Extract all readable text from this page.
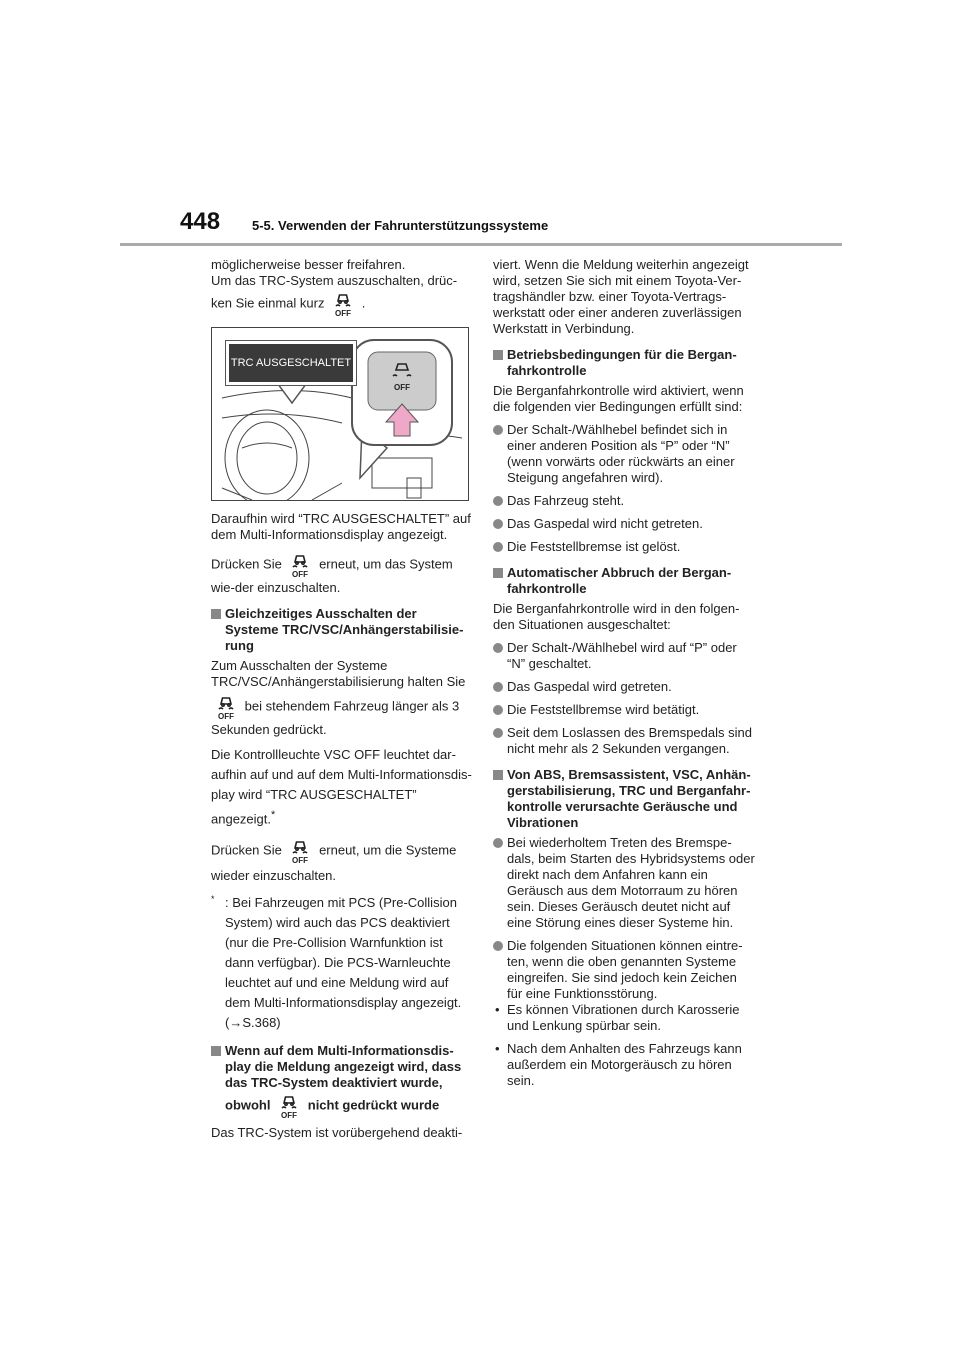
448 5-5. Verwenden der Fahrunterstützungssysteme

möglicherweise besser freifahren.
Um das TRC-System auszuschalten, drüc-
ken Sie einmal kurz
OFF
.

OFF
TRC AUSGESCHALTET

Daraufhin wird “TRC AUSGESCHALTET” auf dem Multi-Informationsdisplay angezeigt.

Drücken Sie
OFF
erneut, um das System wie-der einzuschalten.

Gleichzeitiges Ausschalten der Systeme TRC/VSC/Anhängerstabilisie-rung

Zum Ausschalten der Systeme TRC/VSC/Anhängerstabilisierung halten Sie

OFF
bei stehendem Fahrzeug länger als 3 Sekunden gedrückt.

Die Kontrollleuchte VSC OFF leuchtet dar-aufhin auf und auf dem Multi-Informationsdis-play wird “TRC AUSGESCHALTET” angezeigt.*

Drücken Sie
OFF
erneut, um die Systeme wieder einzuschalten.

* : Bei Fahrzeugen mit PCS (Pre-Collision System) wird auch das PCS deaktiviert (nur die Pre-Collision Warnfunktion ist dann verfügbar). Die PCS-Warnleuchte leuchtet auf und eine Meldung wird auf dem Multi-Informationsdisplay angezeigt. (→S.368)

Wenn auf dem Multi-Informationsdis-play die Meldung angezeigt wird, dass das TRC-System deaktiviert wurde,
obwohl
OFF
nicht gedrückt wurde

Das TRC-System ist vorübergehend deakti-

viert. Wenn die Meldung weiterhin angezeigt wird, setzen Sie sich mit einem Toyota-Ver-tragshändler bzw. einer Toyota-Vertrags-werkstatt oder einer anderen zuverlässigen Werkstatt in Verbindung.

Betriebsbedingungen für die Bergan-fahrkontrolle

Die Berganfahrkontrolle wird aktiviert, wenn die folgenden vier Bedingungen erfüllt sind:

Der Schalt-/Wählhebel befindet sich in einer anderen Position als “P” oder “N” (wenn vorwärts oder rückwärts an einer Steigung angefahren wird).

Das Fahrzeug steht.

Das Gaspedal wird nicht getreten.

Die Feststellbremse ist gelöst.

Automatischer Abbruch der Bergan-fahrkontrolle

Die Berganfahrkontrolle wird in den folgen-den Situationen ausgeschaltet:

Der Schalt-/Wählhebel wird auf “P” oder “N” geschaltet.

Das Gaspedal wird getreten.

Die Feststellbremse wird betätigt.

Seit dem Loslassen des Bremspedals sind nicht mehr als 2 Sekunden vergangen.

Von ABS, Bremsassistent, VSC, Anhän-gerstabilisierung, TRC und Berganfahr-kontrolle verursachte Geräusche und Vibrationen

Bei wiederholtem Treten des Bremspe-dals, beim Starten des Hybridsystems oder direkt nach dem Anfahren kann ein Geräusch aus dem Motorraum zu hören sein. Dieses Geräusch deutet nicht auf eine Störung eines dieser Systeme hin.

Die folgenden Situationen können eintre-ten, wenn die oben genannten Systeme eingreifen. Sie sind jedoch kein Zeichen für eine Funktionsstörung.

• Es können Vibrationen durch Karosserie und Lenkung spürbar sein.

• Nach dem Anhalten des Fahrzeugs kann außerdem ein Motorgeräusch zu hören sein.
